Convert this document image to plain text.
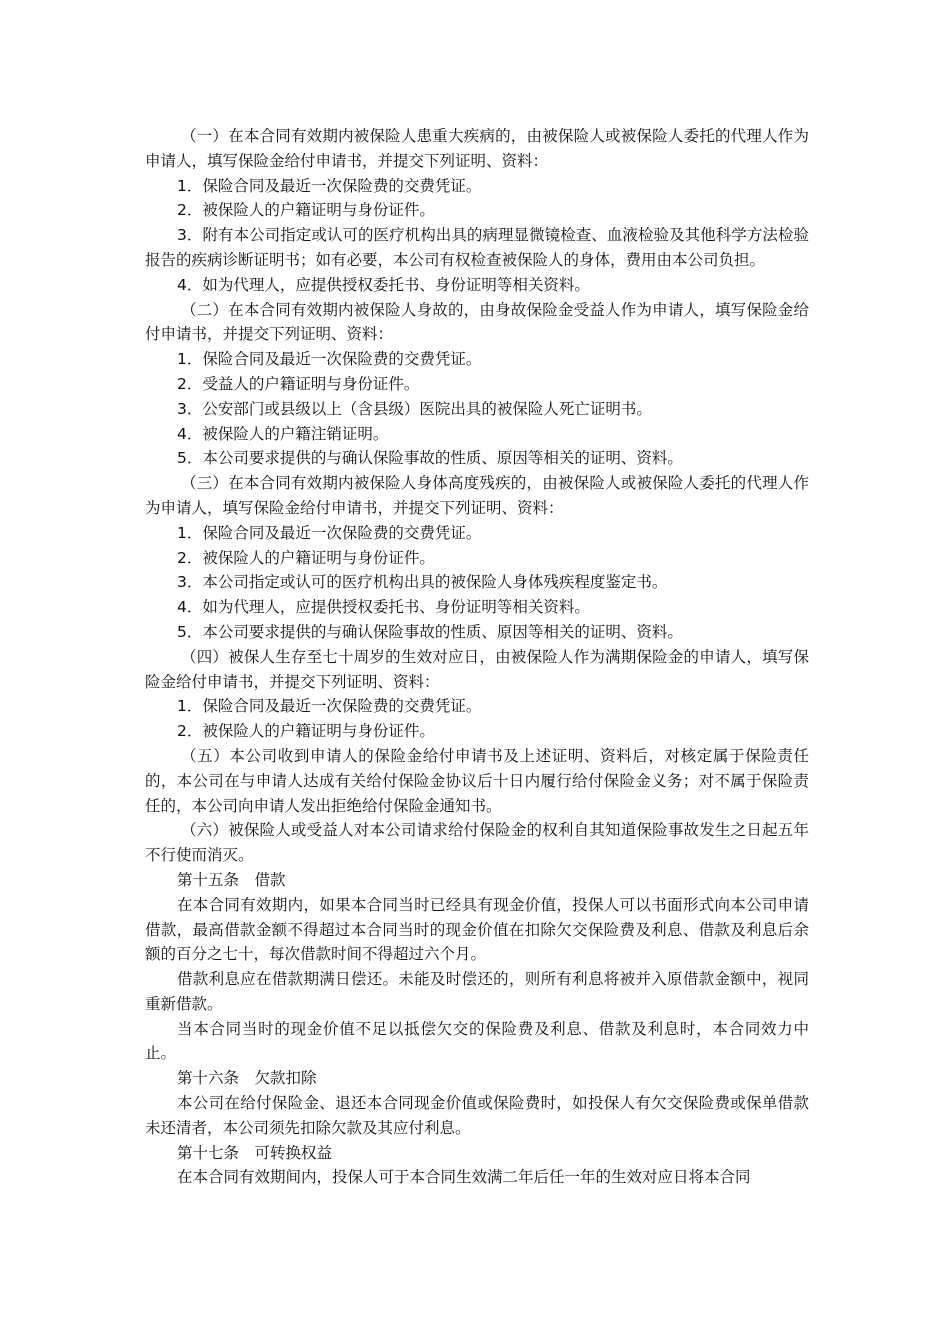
（一）在本合同有效期内被保险人患重大疾病的，由被保险人或被保险人委托的代理人作为申请人，填写保险金给付申请书，并提交下列证明、资料：

1．保险合同及最近一次保险费的交费凭证。

2．被保险人的户籍证明与身份证件。

3．附有本公司指定或认可的医疗机构出具的病理显微镜检查、血液检验及其他科学方法检验报告的疾病诊断证明书；如有必要，本公司有权检查被保险人的身体，费用由本公司负担。

4．如为代理人，应提供授权委托书、身份证明等相关资料。

（二）在本合同有效期内被保险人身故的，由身故保险金受益人作为申请人，填写保险金给付申请书，并提交下列证明、资料：

1．保险合同及最近一次保险费的交费凭证。

2．受益人的户籍证明与身份证件。

3．公安部门或县级以上（含县级）医院出具的被保险人死亡证明书。

4．被保险人的户籍注销证明。

5．本公司要求提供的与确认保险事故的性质、原因等相关的证明、资料。

（三）在本合同有效期内被保险人身体高度残疾的，由被保险人或被保险人委托的代理人作为申请人，填写保险金给付申请书，并提交下列证明、资料：

1．保险合同及最近一次保险费的交费凭证。

2．被保险人的户籍证明与身份证件。

3．本公司指定或认可的医疗机构出具的被保险人身体残疾程度鉴定书。

4．如为代理人，应提供授权委托书、身份证明等相关资料。

5．本公司要求提供的与确认保险事故的性质、原因等相关的证明、资料。

（四）被保人生存至七十周岁的生效对应日，由被保险人作为满期保险金的申请人，填写保险金给付申请书，并提交下列证明、资料：

1．保险合同及最近一次保险费的交费凭证。

2．被保险人的户籍证明与身份证件。

（五）本公司收到申请人的保险金给付申请书及上述证明、资料后，对核定属于保险责任的，本公司在与申请人达成有关给付保险金协议后十日内履行给付保险金义务；对不属于保险责任的，本公司向申请人发出拒绝给付保险金通知书。

（六）被保险人或受益人对本公司请求给付保险金的权利自其知道保险事故发生之日起五年不行使而消灭。

第十五条　借款

在本合同有效期内，如果本合同当时已经具有现金价值，投保人可以书面形式向本公司申请借款，最高借款金额不得超过本合同当时的现金价值在扣除欠交保险费及利息、借款及利息后余额的百分之七十，每次借款时间不得超过六个月。

借款利息应在借款期满日偿还。未能及时偿还的，则所有利息将被并入原借款金额中，视同重新借款。

当本合同当时的现金价值不足以抵偿欠交的保险费及利息、借款及利息时，本合同效力中止。

第十六条　欠款扣除

本公司在给付保险金、退还本合同现金价值或保险费时，如投保人有欠交保险费或保单借款未还清者，本公司须先扣除欠款及其应付利息。

第十七条　可转换权益

在本合同有效期间内，投保人可于本合同生效满二年后任一年的生效对应日将本合同
